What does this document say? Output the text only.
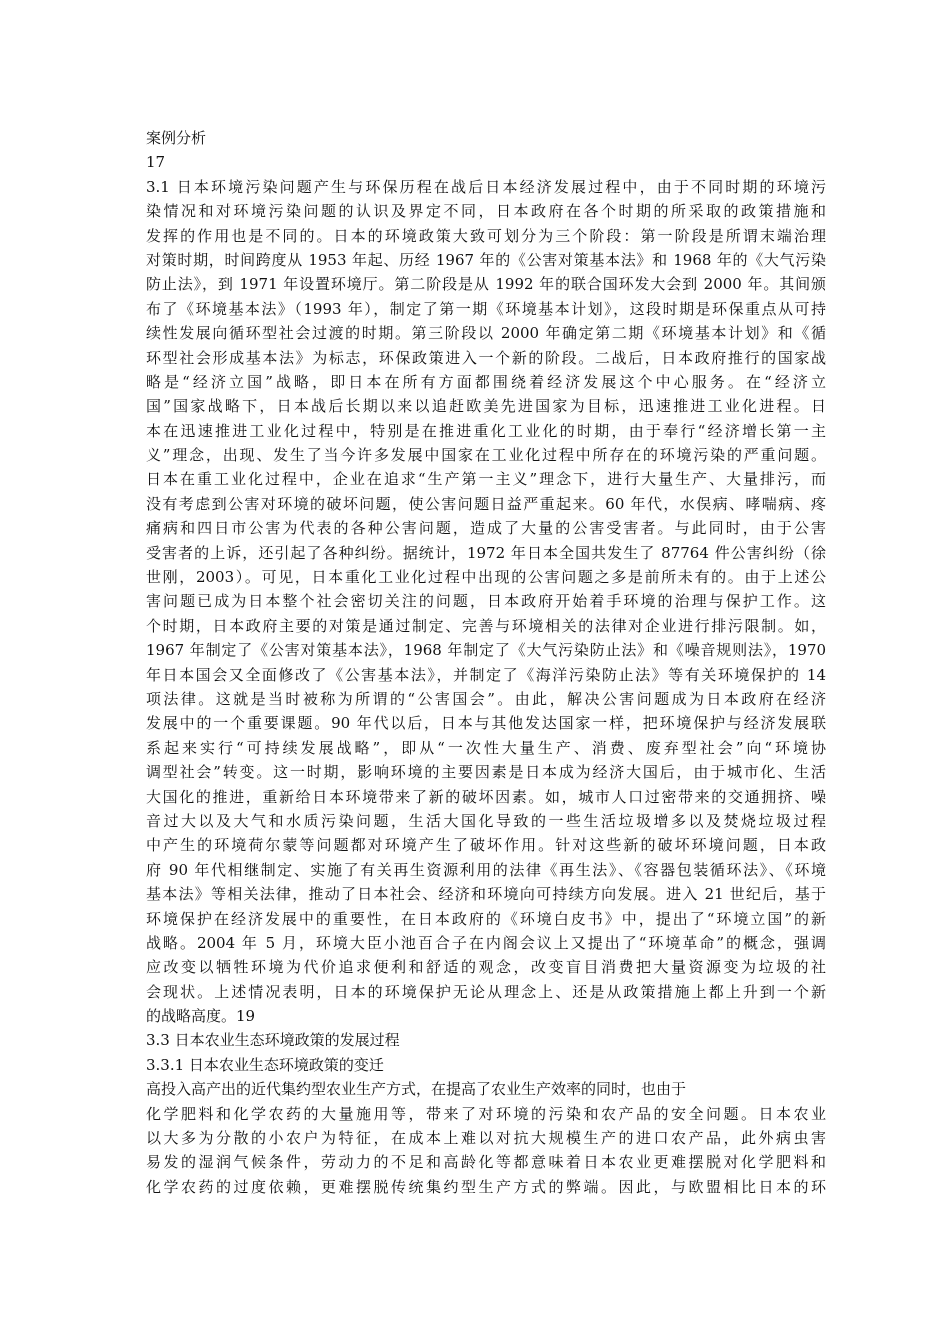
案例分析
17
3.1 日本环境污染问题产生与环保历程在战后日本经济发展过程中，由于不同时期的环境污
染情况和对环境污染问题的认识及界定不同，日本政府在各个时期的所采取的政策措施和
发挥的作用也是不同的。日本的环境政策大致可划分为三个阶段：第一阶段是所谓末端治理
对策时期，时间跨度从 1953 年起、历经 1967 年的《公害对策基本法》和 1968 年的《大气污染
防止法》，到 1971 年设置环境厅。第二阶段是从 1992 年的联合国环发大会到 2000 年。其间颁
布了《环境基本法》（1993 年），制定了第一期《环境基本计划》，这段时期是环保重点从可持
续性发展向循环型社会过渡的时期。第三阶段以 2000 年确定第二期《环境基本计划》和《循
环型社会形成基本法》为标志，环保政策进入一个新的阶段。二战后，日本政府推行的国家战
略是“经济立国”战略，即日本在所有方面都围绕着经济发展这个中心服务。在“经济立
国”国家战略下，日本战后长期以来以追赶欧美先进国家为目标，迅速推进工业化进程。日
本在迅速推进工业化过程中，特别是在推进重化工业化的时期，由于奉行“经济增长第一主
义”理念，出现、发生了当今许多发展中国家在工业化过程中所存在的环境污染的严重问题。
日本在重工业化过程中，企业在追求“生产第一主义”理念下，进行大量生产、大量排污，而
没有考虑到公害对环境的破坏问题，使公害问题日益严重起来。60 年代，水俣病、哮喘病、疼
痛病和四日市公害为代表的各种公害问题，造成了大量的公害受害者。与此同时，由于公害
受害者的上诉，还引起了各种纠纷。据统计，1972 年日本全国共发生了 87764 件公害纠纷（徐
世刚，2003）。可见，日本重化工业化过程中出现的公害问题之多是前所未有的。由于上述公
害问题已成为日本整个社会密切关注的问题，日本政府开始着手环境的治理与保护工作。这
个时期，日本政府主要的对策是通过制定、完善与环境相关的法律对企业进行排污限制。如，
1967 年制定了《公害对策基本法》，1968 年制定了《大气污染防止法》和《噪音规则法》，1970
年日本国会又全面修改了《公害基本法》，并制定了《海洋污染防止法》等有关环境保护的 14
项法律。这就是当时被称为所谓的“公害国会”。由此，解决公害问题成为日本政府在经济
发展中的一个重要课题。90 年代以后，日本与其他发达国家一样，把环境保护与经济发展联
系起来实行“可持续发展战略”，即从“一次性大量生产、消费、废弃型社会”向“环境协
调型社会”转变。这一时期，影响环境的主要因素是日本成为经济大国后，由于城市化、生活
大国化的推进，重新给日本环境带来了新的破坏因素。如，城市人口过密带来的交通拥挤、噪
音过大以及大气和水质污染问题，生活大国化导致的一些生活垃圾增多以及焚烧垃圾过程
中产生的环境荷尔蒙等问题都对环境产生了破坏作用。针对这些新的破坏环境问题，日本政
府 90 年代相继制定、实施了有关再生资源利用的法律《再生法》、《容器包装循环法》、《环境
基本法》等相关法律，推动了日本社会、经济和环境向可持续方向发展。进入 21 世纪后，基于
环境保护在经济发展中的重要性，在日本政府的《环境白皮书》中，提出了“环境立国”的新
战略。2004 年 5 月，环境大臣小池百合子在内阁会议上又提出了“环境革命”的概念，强调
应改变以牺牲环境为代价追求便利和舒适的观念，改变盲目消费把大量资源变为垃圾的社
会现状。上述情况表明，日本的环境保护无论从理念上、还是从政策措施上都上升到一个新
的战略高度。19
3.3 日本农业生态环境政策的发展过程
3.3.1 日本农业生态环境政策的变迁
高投入高产出的近代集约型农业生产方式，在提高了农业生产效率的同时，也由于
化学肥料和化学农药的大量施用等，带来了对环境的污染和农产品的安全问题。日本农业
以大多为分散的小农户为特征，在成本上难以对抗大规模生产的进口农产品，此外病虫害
易发的湿润气候条件，劳动力的不足和高龄化等都意味着日本农业更难摆脱对化学肥料和
化学农药的过度依赖，更难摆脱传统集约型生产方式的弊端。因此，与欧盟相比日本的环
